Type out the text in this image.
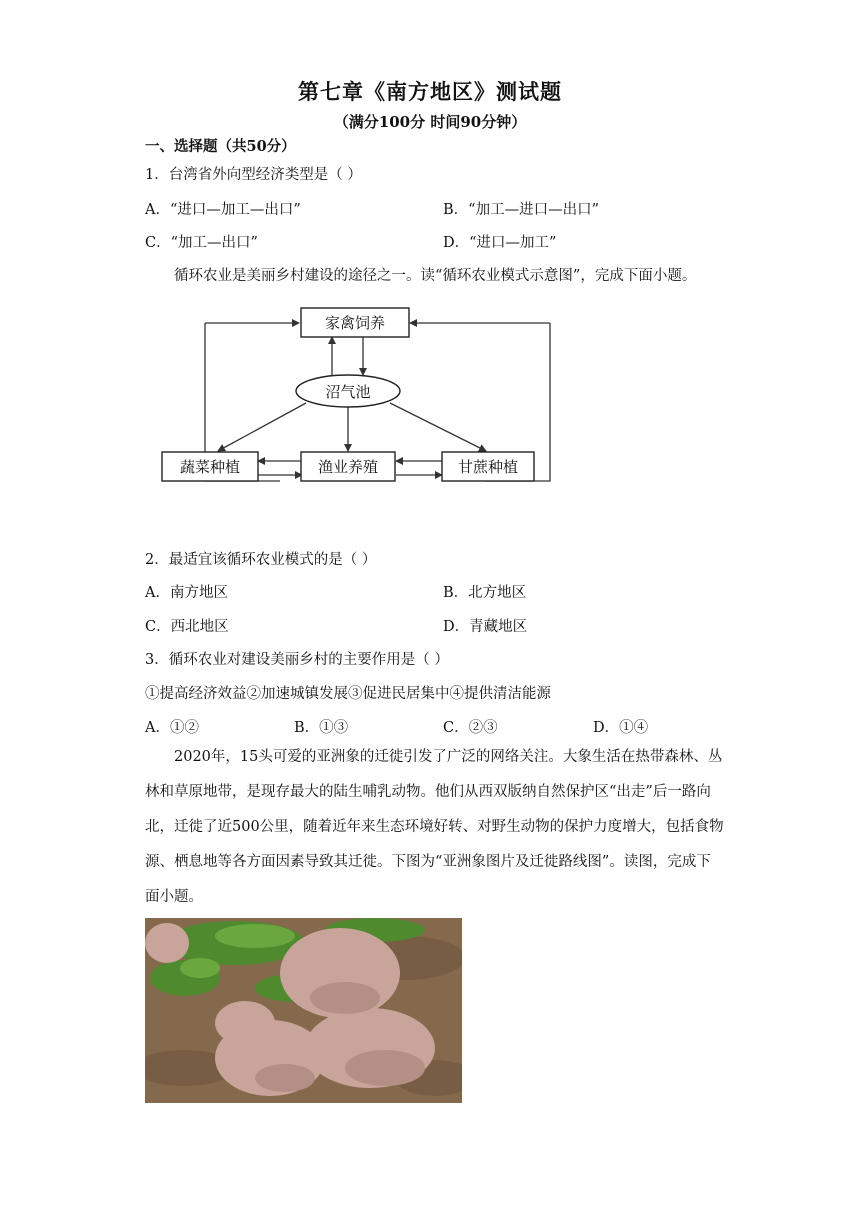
第七章《南方地区》测试题
（满分100分 时间90分钟）
一、选择题（共50分）
1．台湾省外向型经济类型是（ ）
A．“进口—加工—出口”	B．“加工—进口—出口”
C．“加工—出口”	D．“进口—加工”
循环农业是美丽乡村建设的途径之一。读“循环农业模式示意图”，完成下面小题。
家禽饲养
沼气池
蔬菜种植	渔业养殖	甘蔗种植
2．最适宜该循环农业模式的是（ ）
A．南方地区	B．北方地区
C．西北地区	D．青藏地区
3．循环农业对建设美丽乡村的主要作用是（ ）
①提高经济效益②加速城镇发展③促进民居集中④提供清洁能源
A．①②	B．①③	C．②③	D．①④
2020年，15头可爱的亚洲象的迁徙引发了广泛的网络关注。大象生活在热带森林、丛林和草原地带，是现存最大的陆生哺乳动物。他们从西双版纳自然保护区“出走”后一路向北，迁徙了近500公里，随着近年来生态环境好转、对野生动物的保护力度增大，包括食物源、栖息地等各方面因素导致其迁徙。下图为“亚洲象图片及迁徙路线图”。读图，完成下面小题。
